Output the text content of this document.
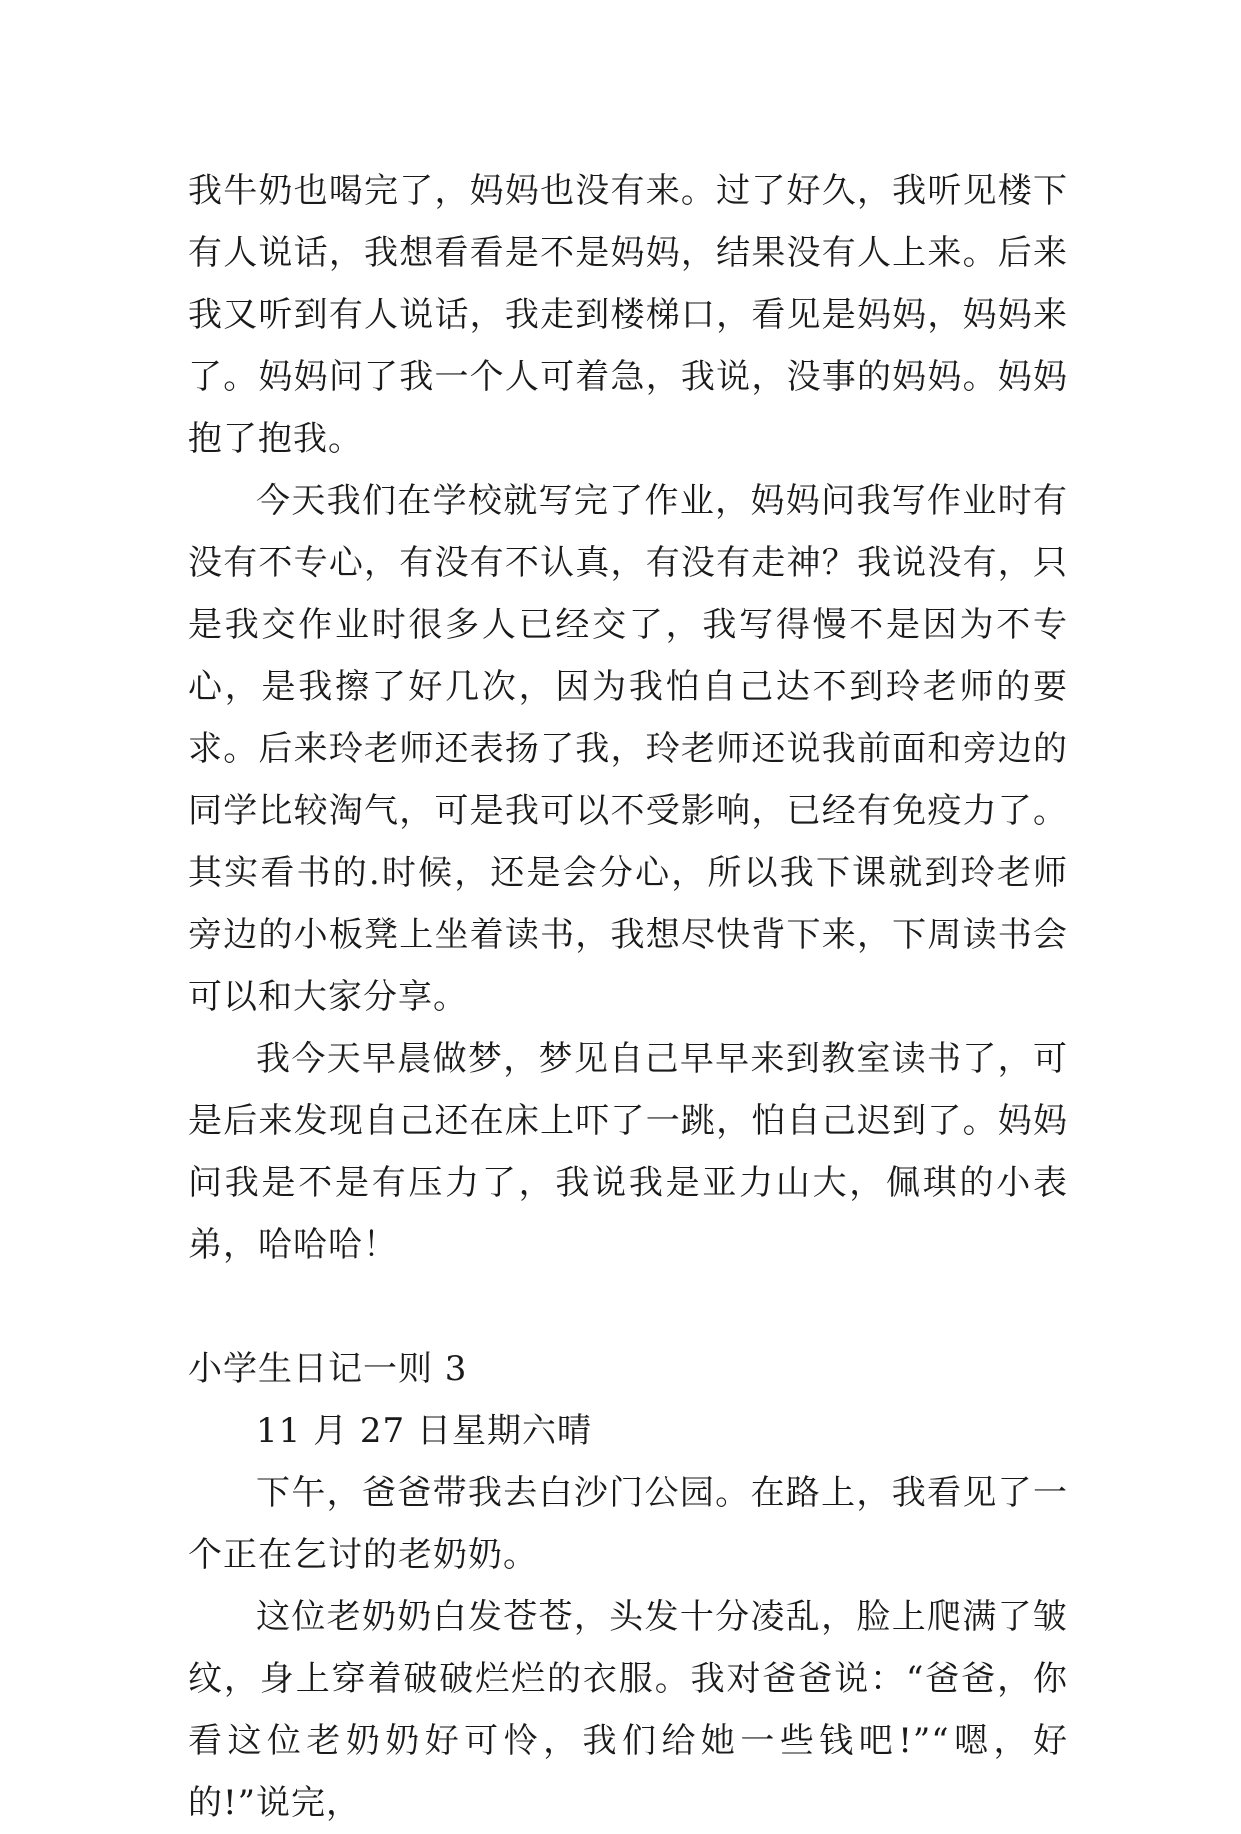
我牛奶也喝完了，妈妈也没有来。过了好久，我听见楼下有人说话，我想看看是不是妈妈，结果没有人上来。后来我又听到有人说话，我走到楼梯口，看见是妈妈，妈妈来了。妈妈问了我一个人可着急，我说，没事的妈妈。妈妈抱了抱我。

今天我们在学校就写完了作业，妈妈问我写作业时有没有不专心，有没有不认真，有没有走神？我说没有，只是我交作业时很多人已经交了，我写得慢不是因为不专心，是我擦了好几次，因为我怕自己达不到玲老师的要求。后来玲老师还表扬了我，玲老师还说我前面和旁边的同学比较淘气，可是我可以不受影响，已经有免疫力了。其实看书的.时候，还是会分心，所以我下课就到玲老师旁边的小板凳上坐着读书，我想尽快背下来，下周读书会可以和大家分享。

我今天早晨做梦，梦见自己早早来到教室读书了，可是后来发现自己还在床上吓了一跳，怕自己迟到了。妈妈问我是不是有压力了，我说我是亚力山大，佩琪的小表弟，哈哈哈！

小学生日记一则 3

11 月 27 日星期六晴

下午，爸爸带我去白沙门公园。在路上，我看见了一个正在乞讨的老奶奶。

这位老奶奶白发苍苍，头发十分凌乱，脸上爬满了皱纹，身上穿着破破烂烂的衣服。我对爸爸说：“爸爸，你看这位老奶奶好可怜，我们给她一些钱吧!”“嗯，好的!”说完，
